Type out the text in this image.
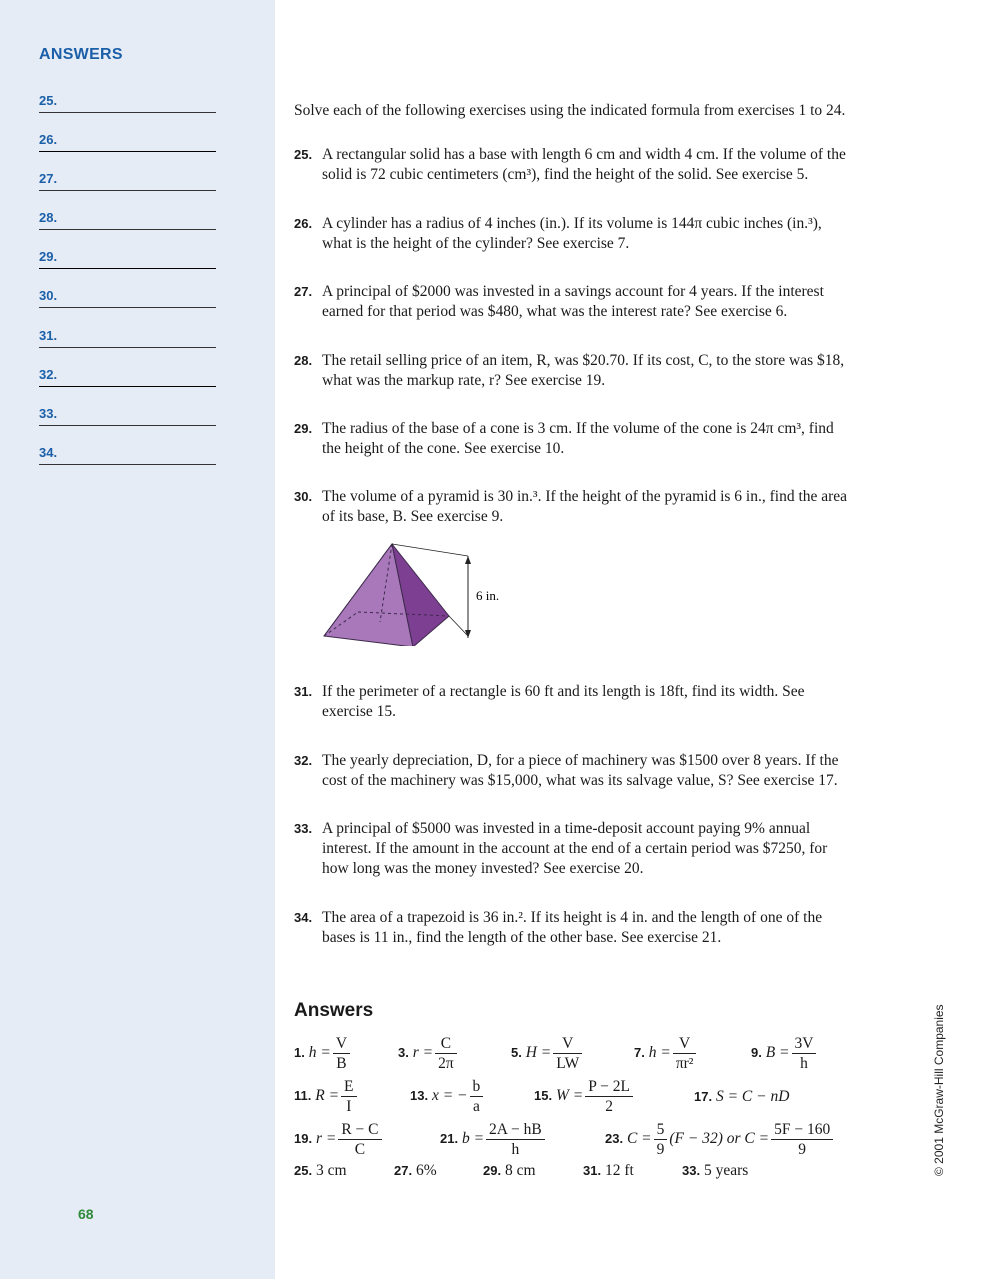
ANSWERS
25.
26.
27.
28.
29.
30.
31.
32.
33.
34.
68
© 2001 McGraw-Hill Companies
Solve each of the following exercises using the indicated formula from exercises 1 to 24.
25. A rectangular solid has a base with length 6 cm and width 4 cm. If the volume of the
solid is 72 cubic centimeters (cm³), find the height of the solid. See exercise 5.
26. A cylinder has a radius of 4 inches (in.). If its volume is 144π cubic inches (in.³),
what is the height of the cylinder? See exercise 7.
27. A principal of $2000 was invested in a savings account for 4 years. If the interest
earned for that period was $480, what was the interest rate? See exercise 6.
28. The retail selling price of an item, R, was $20.70. If its cost, C, to the store was $18,
what was the markup rate, r? See exercise 19.
29. The radius of the base of a cone is 3 cm. If the volume of the cone is 24π cm³, find
the height of the cone. See exercise 10.
30. The volume of a pyramid is 30 in.³. If the height of the pyramid is 6 in., find the area
of its base, B. See exercise 9.
6 in.
31. If the perimeter of a rectangle is 60 ft and its length is 18ft, find its width. See
exercise 15.
32. The yearly depreciation, D, for a piece of machinery was $1500 over 8 years. If the
cost of the machinery was $15,000, what was its salvage value, S? See exercise 17.
33. A principal of $5000 was invested in a time-deposit account paying 9% annual
interest. If the amount in the account at the end of a certain period was $7250, for
how long was the money invested? See exercise 20.
34. The area of a trapezoid is 36 in.². If its height is 4 in. and the length of one of the
bases is 11 in., find the length of the other base. See exercise 21.
Answers
1. $h = \frac{V}{B}$	3. $r = \frac{C}{2\pi}$	5. $H = \frac{V}{LW}$	7. $h = \frac{V}{\text{πr²}}$	9. $B = \frac{3V}{h}$
11. $R = \frac{E}{I}$	13. x = − $\frac{b}{a}$	15. $W = \frac{P - 2L}{2}$	17. S = C − nD
19. $r = \frac{R - C}{C}$	21. $b = \frac{2A - hB}{h}$	23. $C = \frac{5}{9} (F - 32)$ or $C = \frac{5F - 160}{9}$
25. 3 cm	27. 6%	29. 8 cm	31. 12 ft	33. 5 years
